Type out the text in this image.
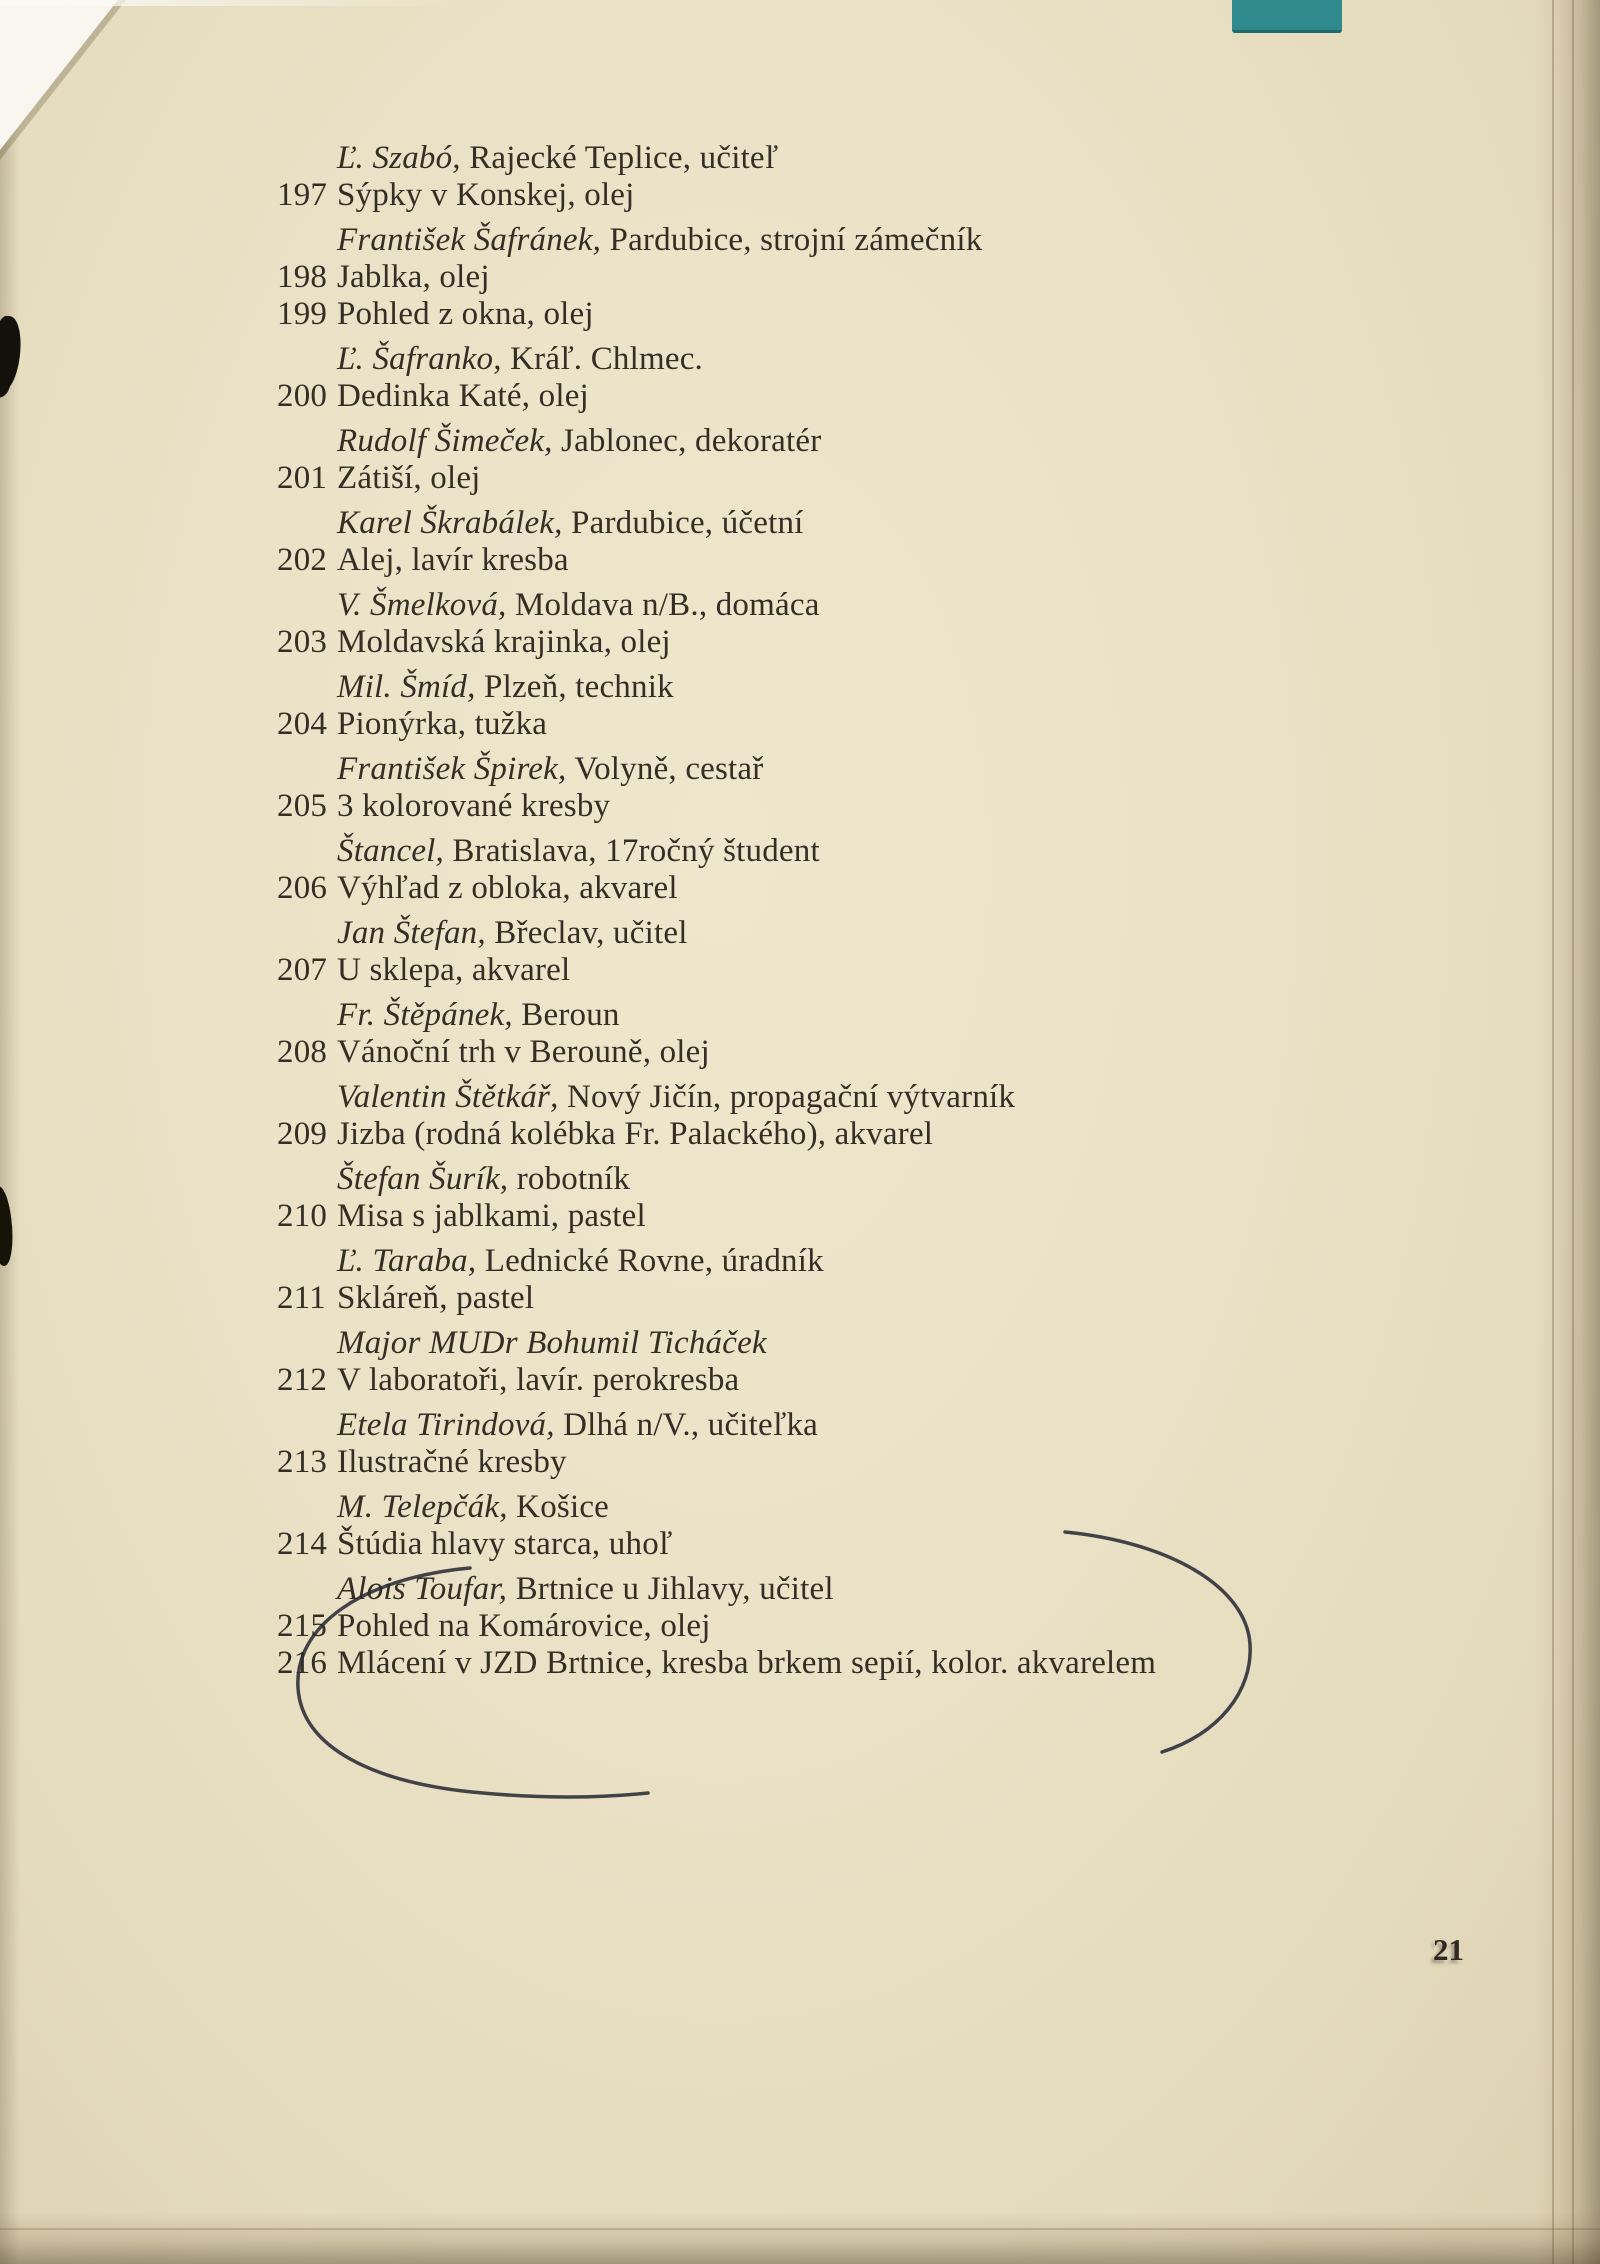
Ľ. Szabó, Rajecké Teplice, učiteľ
197 Sýpky v Konskej, olej
František Šafránek, Pardubice, strojní zámečník
198 Jablka, olej
199 Pohled z okna, olej
Ľ. Šafranko, Kráľ. Chlmec.
200 Dedinka Katé, olej
Rudolf Šimeček, Jablonec, dekoratér
201 Zátiší, olej
Karel Škrabálek, Pardubice, účetní
202 Alej, lavír kresba
V. Šmelková, Moldava n/B., domáca
203 Moldavská krajinka, olej
Mil. Šmíd, Plzeň, technik
204 Pionýrka, tužka
František Špirek, Volyně, cestař
205 3 kolorované kresby
Štancel, Bratislava, 17ročný študent
206 Výhľad z obloka, akvarel
Jan Štefan, Břeclav, učitel
207 U sklepa, akvarel
Fr. Štěpánek, Beroun
208 Vánoční trh v Berouně, olej
Valentin Štětkář, Nový Jičín, propagační výtvarník
209 Jizba (rodná kolébka Fr. Palackého), akvarel
Štefan Šurík, robotník
210 Misa s jablkami, pastel
Ľ. Taraba, Lednické Rovne, úradník
211 Skláreň, pastel
Major MUDr Bohumil Ticháček
212 V laboratoři, lavír. perokresba
Etela Tirindová, Dlhá n/V., učiteľka
213 Ilustračné kresby
M. Telepčák, Košice
214 Štúdia hlavy starca, uhoľ
Alois Toufar, Brtnice u Jihlavy, učitel
215 Pohled na Komárovice, olej
216 Mlácení v JZD Brtnice, kresba brkem sepií, kolor. akvarelem
21
